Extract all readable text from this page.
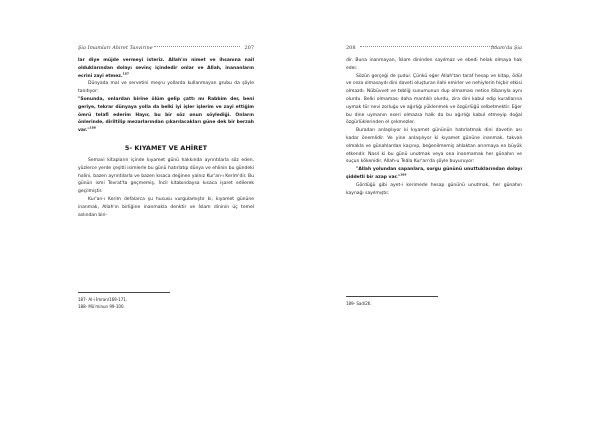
Şia İmamları Ahiret Tasvirine	207

lar diye müjde vermeyi isteriz. Allah'ın nimet ve ihsanına nail olduklarından dolayı sevinç içindedir onlar ve Allah, inananların ecrini zayi etmez.$^{187}$

Dünyada mal ve servetini meşru yollarda kullanmayan grubu da şöyle tanıtıyor:

"Sonunda, onlardan birine ölüm gelip çattı mı Rabbim der, beni geriye, tekrar dünyaya yolla da belki iyi işler işlerim ve zayi ettiğim ömrü telafi ederim Hayır, bu bir söz onun söylediği. Onların önlerinde, diriltilip mezarlarından çıkarılacakları güne dek bir berzah var."$^{188}$

5- KIYAMET VE AHİRET

Semavi kitapların içinde kıyamet günü hakkında ayrıntılarla söz eden, yüzlerce yerde çeşitli isimlerle bu günü hatırlatıp dünya ve ehlinin bu gündeki halini, bazen ayrıntılarla ve bazen kısaca değinen yalnız Kur'an-ı Kerim'dir. Bu günün ismi Tevrat'ta geçmemiş, İncil kitabındaysa kısaca işaret edilerek geçilmiştir.

Kur'an-ı Kerim defalarca şu hususu vurgulamıştır ki, kıyamet gününe inanmak, Allah'ın birliğine inanmakla denktir ve İslam dininin üç temel aslından biri-

187- Al-i İmran/169-171.
188- Mü'minun 99-100.
208	İslam'da Şia

dir. Buna inanmayan, İslam dininden sayılmaz ve ebedi helak olmaya hak eder.

Sözün gerçeği de şudur. Çünkü eğer Allah'tan taraf hesap ve kitap, ödül ve ceza olmasaydı dini daveti oluşturan ilahi emirler ve nehiylerin hiçbir etkisi olmazdı. Nübüvvet ve tebliğ sunumunun dup olmaması netice itibarıyla aynı olurdu. Belki olmaması daha mantıklı olurdu, zira dini kabul edip kurallarına uymak tür nevi zorluğu ve ağırlığı yüklenmek ve özgürlüğü selbetmektir. Eğer bu dine uymanın eseri olmazsa halk da bu ağırlığı kabul etmeyip doğal özgürlüklerinden el çekmezler.

Buradan anlaşılıyor ki kıyamet gününün hatırlatmak dini davetin ası kadar önemlidir. Ve yine anlaşılıyor ki kıyamet gününe inanmak, takvalı olmakla ve günahlardan kaçınıp, beğenilmemiş ahlaktan arınmaya en büyük etkendir. Nasıl ki bu günü unutmak veya ona inanmamak her günahın ve suçun kökenidir. Allah-u Teâla Kur'an'da şöyle buyuruyor:

"Allah yolundan sapanlara, sorgu gününü unuttuklarından dolayı şiddetli bir azap var."$^{189}$

Gördüğü gibi ayet-i kerimede hesap gününü unutmak, her günahın kaynağı sayılmıştır.

189- Sad/26.
